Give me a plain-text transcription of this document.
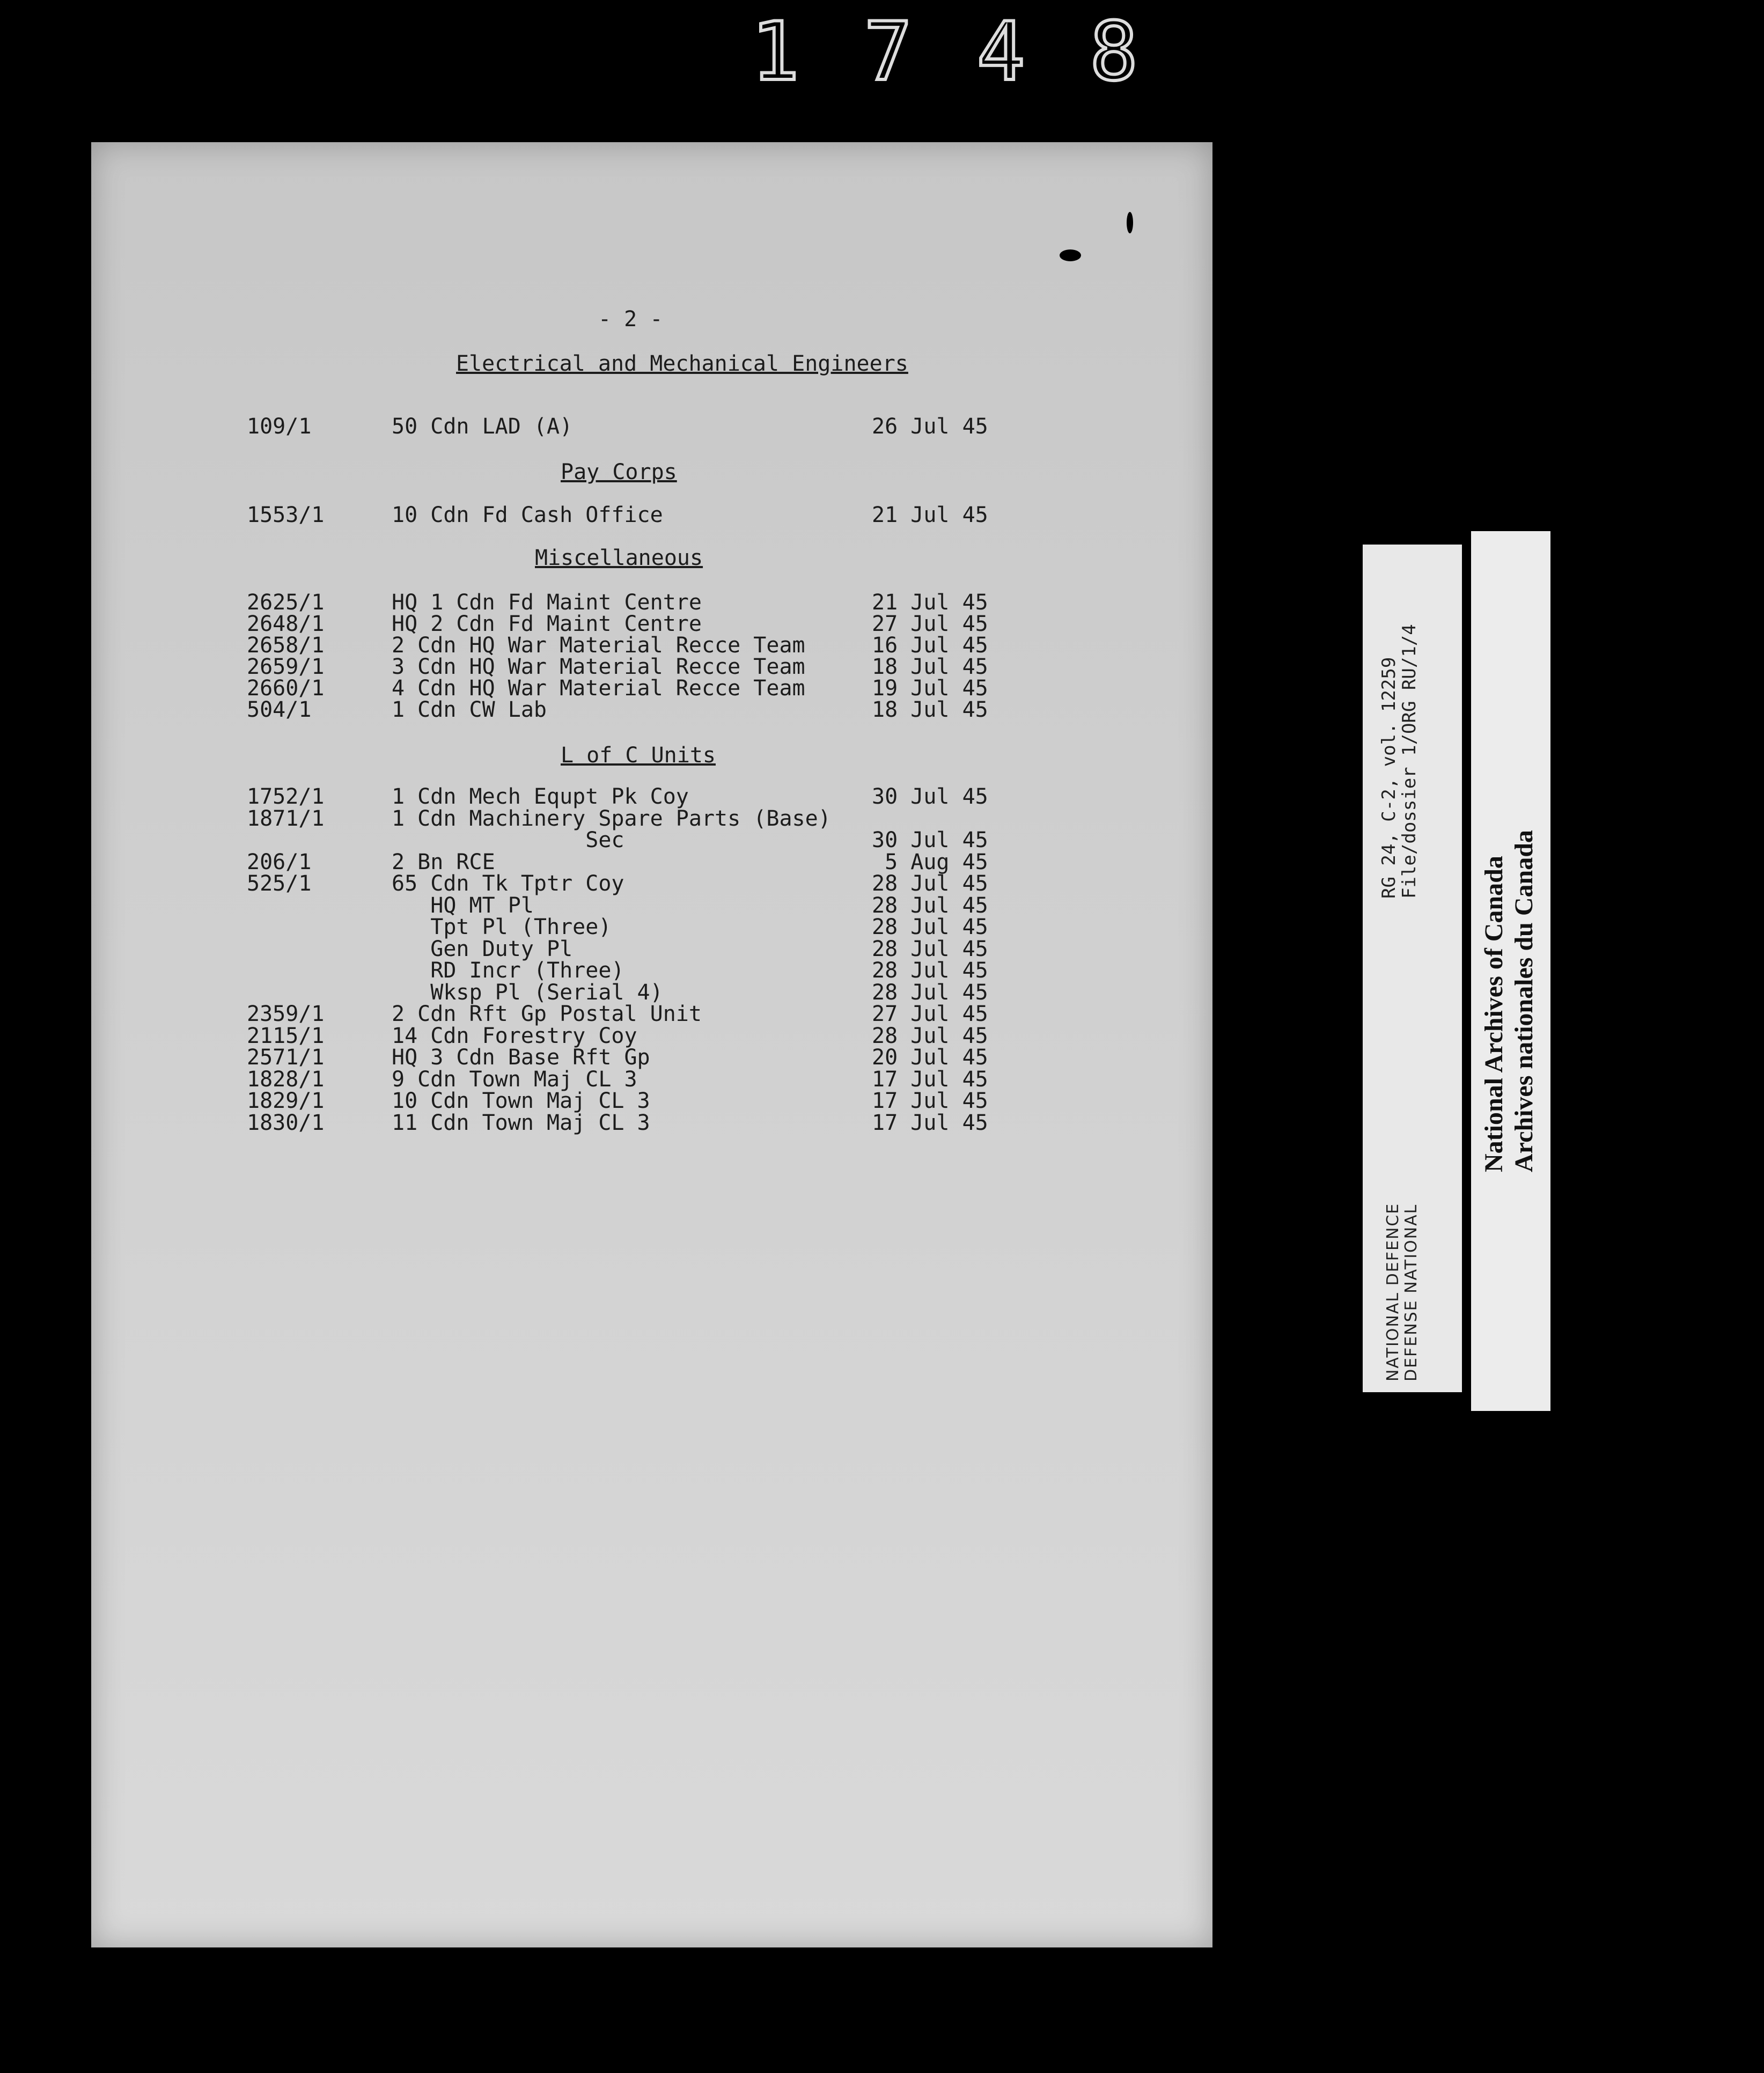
1748
- 2 -
Electrical and Mechanical Engineers
Pay Corps
Miscellaneous
L of C Units
109/1	50 Cdn LAD (A)	26 Jul 45
1553/1	10 Cdn Fd Cash Office	21 Jul 45
2625/1	HQ 1 Cdn Fd Maint Centre	21 Jul 45
2648/1	HQ 2 Cdn Fd Maint Centre	27 Jul 45
2658/1	2 Cdn HQ War Material Recce Team	16 Jul 45
2659/1	3 Cdn HQ War Material Recce Team	18 Jul 45
2660/1	4 Cdn HQ War Material Recce Team	19 Jul 45
504/1	1 Cdn CW Lab	18 Jul 45
1752/1	1 Cdn Mech Equpt Pk Coy	30 Jul 45
1871/1	1 Cdn Machinery Spare Parts (Base)
Sec	30 Jul 45
206/1	2 Bn RCE	5 Aug 45
525/1	65 Cdn Tk Tptr Coy	28 Jul 45
HQ MT Pl	28 Jul 45
Tpt Pl (Three)	28 Jul 45
Gen Duty Pl	28 Jul 45
RD Incr (Three)	28 Jul 45
Wksp Pl (Serial 4)	28 Jul 45
2359/1	2 Cdn Rft Gp Postal Unit	27 Jul 45
2115/1	14 Cdn Forestry Coy	28 Jul 45
2571/1	HQ 3 Cdn Base Rft Gp	20 Jul 45
1828/1	9 Cdn Town Maj CL 3	17 Jul 45
1829/1	10 Cdn Town Maj CL 3	17 Jul 45
1830/1	11 Cdn Town Maj CL 3	17 Jul 45
RG 24, C-2, vol. 12259
File/dossier 1/ORG RU/1/4
NATIONAL DEFENCE DEFENSE NATIONAL
National Archives of Canada Archives nationales du Canada
